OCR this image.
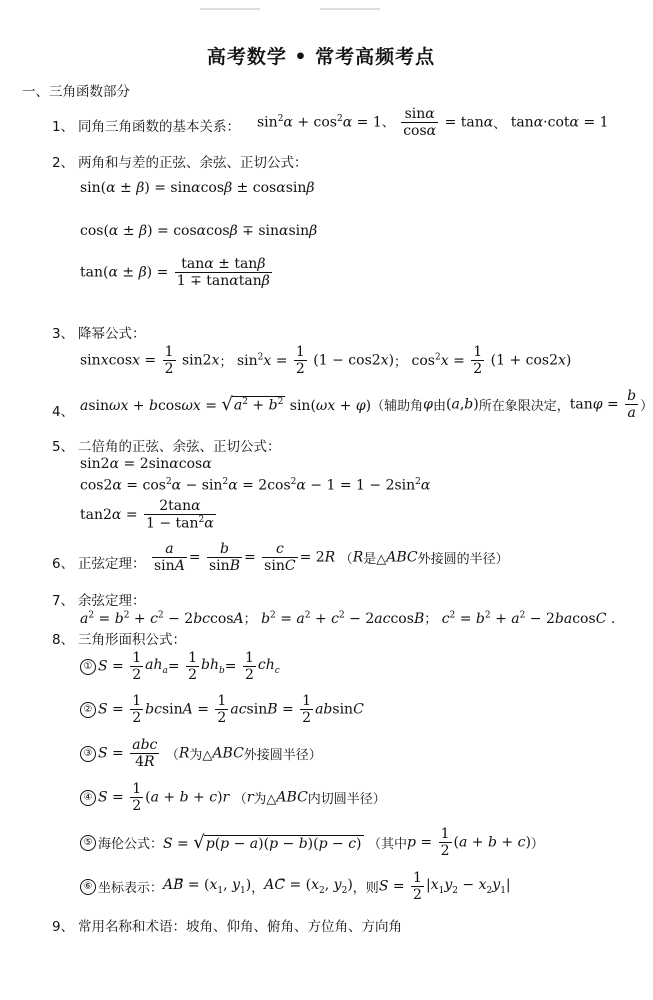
高考数学 • 常考高频考点
一、三角函数部分
1、 同角三角函数的基本关系： $\sin^2\alpha + \cos^2\alpha = 1$、 $\frac{\sin\alpha}{\cos\alpha} = \tan\alpha$、 tanα·cotα = 1
2、 两角和与差的正弦、余弦、正切公式：
sin(α ± β) = sinαcosβ ± cosαsinβ
cos(α ± β) = cosαcosβ ∓ sinαsinβ
$\tan(\alpha \pm \beta) = \frac{\tan\alpha \pm \tan\beta}{1 \mp \tan\alpha\tan\beta}$
3、 降幂公式：
sinxcosx = $\frac{1}{2} \sin 2x$； $\sin^2x = \frac{1}{2} (1 - \cos 2x)$； $\cos^2x = \frac{1}{2} (1 + \cos 2x)$
4、 $asin\omega x + bcos\omega x = √a^2 + b^2$ sin(ωx + φ)（辅助角φ由(a,b)所在象限决定，$\tan\varphi = \frac{b}{a}$ ）
5、 二倍角的正弦、余弦、正切公式：
sin2α = 2sinαcosα
$\cos 2\alpha = \cos^2\alpha - \sin^2\alpha = 2\cos^2\alpha - 1 = 1 - 2\sin^2\alpha$
$\tan 2\alpha = \frac{2\tan\alpha}{1 - \tan^2\alpha}$
6、 正弦定理： $\frac{a}{\sin A} = \frac{b}{\sin B} = \frac{c}{\sin C} = 2R$ （R是△ABC外接圆的半径）
7、 余弦定理：
$a^2 = b^2 + c^2 - 2bccosA$； $b^2 = a^2 + c^2 - 2accosB$； $c^2 = b^2 + a^2 - 2bacosC$ .
8、 三角形面积公式：
① $S = \frac{1}{2} ah_a= \frac{1}{2} bh_b= \frac{1}{2} ch_c$
② $S = \frac{1}{2}$ $bcsinA = \frac{1}{2}$ $acsinB = \frac{1}{2}$ absinC
③ $S = \frac{\text{abc}}{4R} (R$为△ABC外接圆半径）
④ $S = \frac{1}{2} (a + b + c)r$ （r为△ABC内切圆半径）
⑤ 海伦公式：S = √p(p − a)(p − b)(p − c) （其中$p = \frac{1}{2} (a + b + c)$）
⑥ 坐标表示：AB⃗ = ($x_1$, $y_1$)，AC⃗ = ($x_2$, $y_2$)，则$S = \frac{1}{2} |x_1y_2 - x_2y_1|$
9、 常用名称和术语：坡角、仰角、俯角、方位角、方向角
